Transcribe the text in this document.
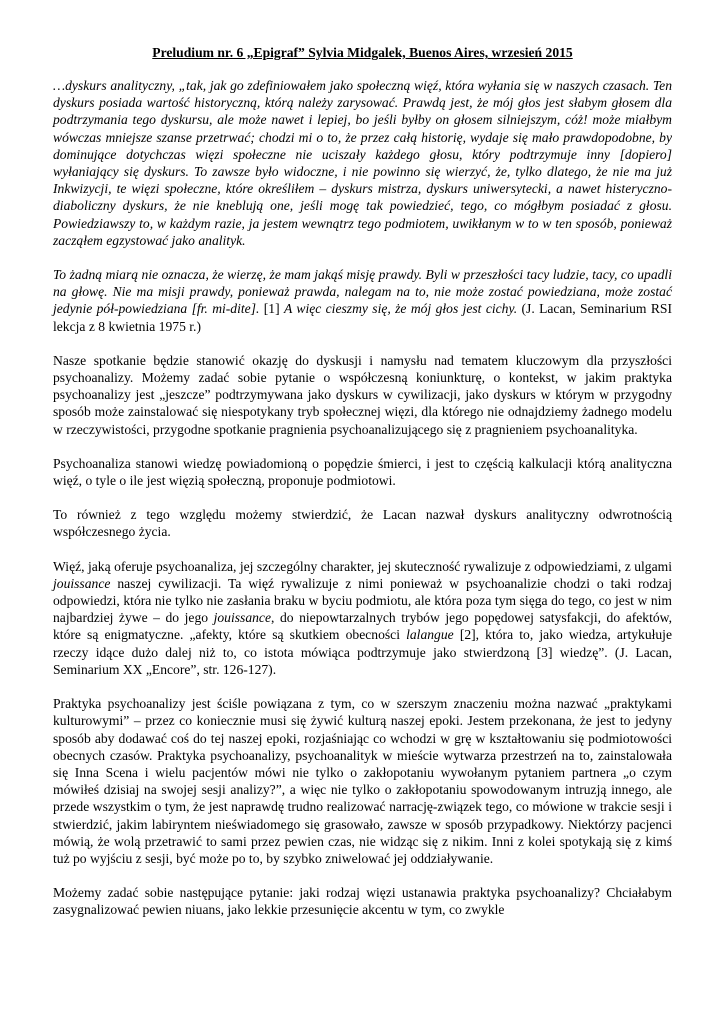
Preludium nr. 6 „Epigraf” Sylvia Midgalek, Buenos Aires, wrzesień 2015

…dyskurs analityczny, „tak, jak go zdefiniowałem jako społeczną więź, która wyłania się w naszych czasach. Ten dyskurs posiada wartość historyczną, którą należy zarysować. Prawdą jest, że mój głos jest słabym głosem dla podtrzymania tego dyskursu, ale może nawet i lepiej, bo jeśli byłby on głosem silniejszym, cóż! może miałbym wówczas mniejsze szanse przetrwać; chodzi mi o to, że przez całą historię, wydaje się mało prawdopodobne, by dominujące dotychczas więzi społeczne nie uciszały każdego głosu, który podtrzymuje inny [dopiero] wyłaniający się dyskurs. To zawsze było widoczne, i nie powinno się wierzyć, że, tylko dlatego, że nie ma już Inkwizycji, te więzi społeczne, które określiłem – dyskurs mistrza, dyskurs uniwersytecki, a nawet histeryczno-diaboliczny dyskurs, że nie kneblują one, jeśli mogę tak powiedzieć, tego, co mógłbym posiadać z głosu. Powiedziawszy to, w każdym razie, ja jestem wewnątrz tego podmiotem, uwikłanym w to w ten sposób, ponieważ zacząłem egzystować jako analityk.

To żadną miarą nie oznacza, że wierzę, że mam jakąś misję prawdy. Byli w przeszłości tacy ludzie, tacy, co upadli na głowę. Nie ma misji prawdy, ponieważ prawda, nalegam na to, nie może zostać powiedziana, może zostać jedynie pół-powiedziana [fr. mi-dite]. [1] A więc cieszmy się, że mój głos jest cichy. (J. Lacan, Seminarium RSI lekcja z 8 kwietnia 1975 r.)

Nasze spotkanie będzie stanowić okazję do dyskusji i namysłu nad tematem kluczowym dla przyszłości psychoanalizy. Możemy zadać sobie pytanie o współczesną koniunkturę, o kontekst, w jakim praktyka psychoanalizy jest „jeszcze” podtrzymywana jako dyskurs w cywilizacji, jako dyskurs w którym w przygodny sposób może zainstalować się niespotykany tryb społecznej więzi, dla którego nie odnajdziemy żadnego modelu w rzeczywistości, przygodne spotkanie pragnienia psychoanalizującego się z pragnieniem psychoanalityka.

Psychoanaliza stanowi wiedzę powiadomioną o popędzie śmierci, i jest to częścią kalkulacji którą analityczna więź, o tyle o ile jest więzią społeczną, proponuje podmiotowi.

To również z tego względu możemy stwierdzić, że Lacan nazwał dyskurs analityczny odwrotnością współczesnego życia.

Więź, jaką oferuje psychoanaliza, jej szczególny charakter, jej skuteczność rywalizuje z odpowiedziami, z ulgami jouissance naszej cywilizacji. Ta więź rywalizuje z nimi ponieważ w psychoanalizie chodzi o taki rodzaj odpowiedzi, która nie tylko nie zasłania braku w byciu podmiotu, ale która poza tym sięga do tego, co jest w nim najbardziej żywe – do jego jouissance, do niepowtarzalnych trybów jego popędowej satysfakcji, do afektów, które są enigmatyczne. „afekty, które są skutkiem obecności lalangue [2], która to, jako wiedza, artykułuje rzeczy idące dużo dalej niż to, co istota mówiąca podtrzymuje jako stwierdzoną [3] wiedzę”. (J. Lacan, Seminarium XX „Encore”, str. 126-127).

Praktyka psychoanalizy jest ściśle powiązana z tym, co w szerszym znaczeniu można nazwać „praktykami kulturowymi” – przez co koniecznie musi się żywić kulturą naszej epoki. Jestem przekonana, że jest to jedyny sposób aby dodawać coś do tej naszej epoki, rozjaśniając co wchodzi w grę w kształtowaniu się podmiotowości obecnych czasów. Praktyka psychoanalizy, psychoanalityk w mieście wytwarza przestrzeń na to, zainstalowała się Inna Scena i wielu pacjentów mówi nie tylko o zakłopotaniu wywołanym pytaniem partnera „o czym mówiłeś dzisiaj na swojej sesji analizy?”, a więc nie tylko o zakłopotaniu spowodowanym intruzją innego, ale przede wszystkim o tym, że jest naprawdę trudno realizować narrację-związek tego, co mówione w trakcie sesji i stwierdzić, jakim labiryntem nieświadomego się grasowało, zawsze w sposób przypadkowy. Niektórzy pacjenci mówią, że wolą przetrawić to sami przez pewien czas, nie widząc się z nikim. Inni z kolei spotykają się z kimś tuż po wyjściu z sesji, być może po to, by szybko zniwelować jej oddziaływanie.

Możemy zadać sobie następujące pytanie: jaki rodzaj więzi ustanawia praktyka psychoanalizy? Chciałabym zasygnalizować pewien niuans, jako lekkie przesunięcie akcentu w tym, co zwykle
